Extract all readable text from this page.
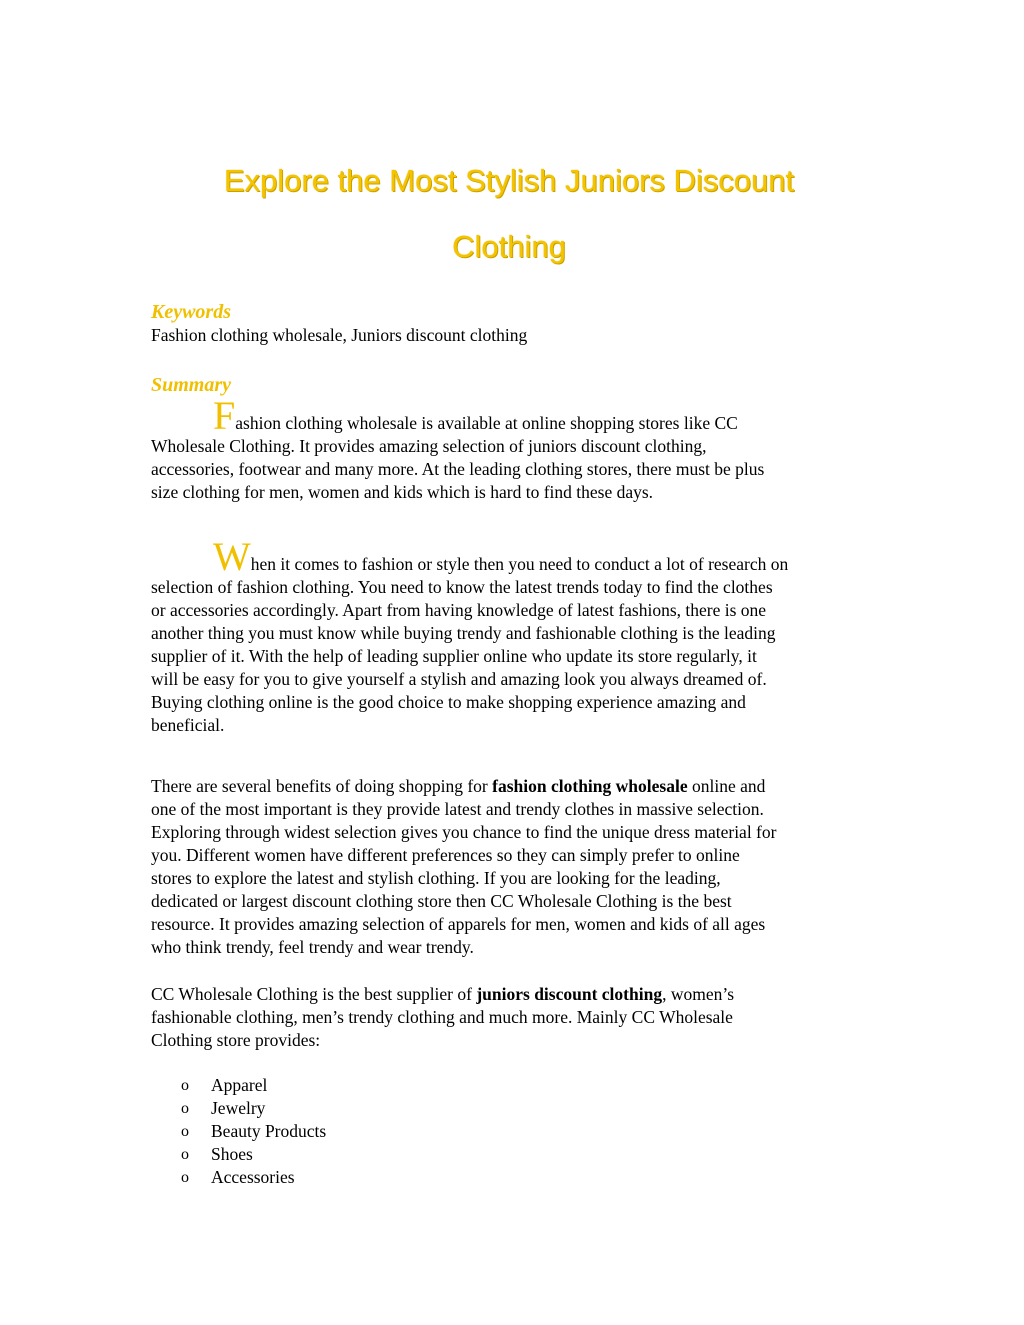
Explore the Most Stylish Juniors Discount
Clothing
Keywords

Fashion clothing wholesale, Juniors discount clothing

Summary

Fashion clothing wholesale is available at online shopping stores like CC
Wholesale Clothing. It provides amazing selection of juniors discount clothing,
accessories, footwear and many more. At the leading clothing stores, there must be plus
size clothing for men, women and kids which is hard to find these days.

When it comes to fashion or style then you need to conduct a lot of research on
selection of fashion clothing. You need to know the latest trends today to find the clothes
or accessories accordingly. Apart from having knowledge of latest fashions, there is one
another thing you must know while buying trendy and fashionable clothing is the leading
supplier of it. With the help of leading supplier online who update its store regularly, it
will be easy for you to give yourself a stylish and amazing look you always dreamed of.
Buying clothing online is the good choice to make shopping experience amazing and
beneficial.

There are several benefits of doing shopping for fashion clothing wholesale online and
one of the most important is they provide latest and trendy clothes in massive selection.
Exploring through widest selection gives you chance to find the unique dress material for
you. Different women have different preferences so they can simply prefer to online
stores to explore the latest and stylish clothing. If you are looking for the leading,
dedicated or largest discount clothing store then CC Wholesale Clothing is the best
resource. It provides amazing selection of apparels for men, women and kids of all ages
who think trendy, feel trendy and wear trendy.

CC Wholesale Clothing is the best supplier of juniors discount clothing, women’s
fashionable clothing, men’s trendy clothing and much more. Mainly CC Wholesale
Clothing store provides:

o	Apparel
o	Jewelry
o	Beauty Products
o	Shoes
o	Accessories
